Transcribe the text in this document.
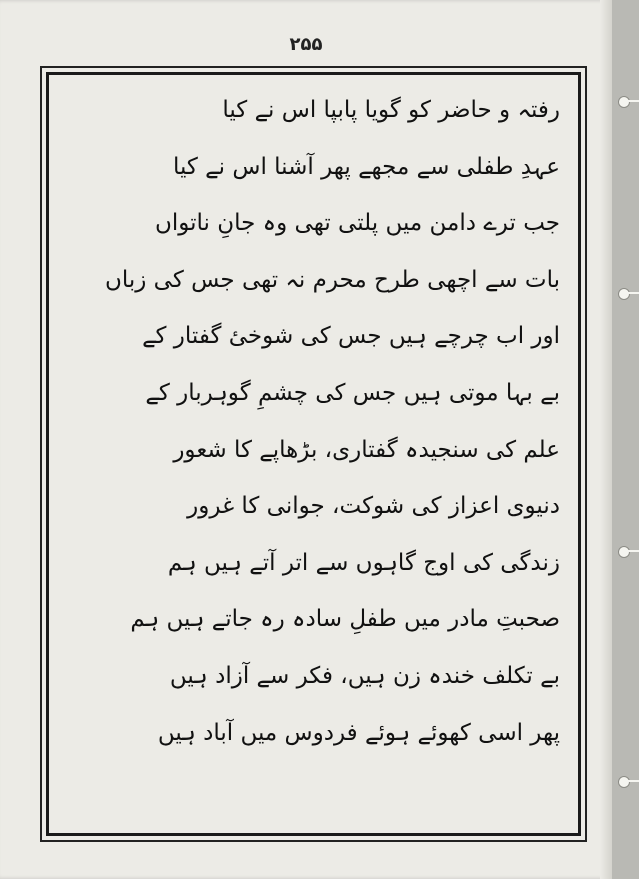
۲۵۵
رفتہ و حاضر کو گویا پابپا اس نے کیا
عہدِ طفلی سے مجھے پھر آشنا اس نے کیا
جب ترے دامن میں پلتی تھی وہ جانِ ناتواں
بات سے اچھی طرح محرم نہ تھی جس کی زباں
اور اب چرچے ہیں جس کی شوخیٔ گفتار کے
بے بہا موتی ہیں جس کی چشمِ گوہربار کے
علم کی سنجیدہ گفتاری، بڑھاپے کا شعور
دنیوی اعزاز کی شوکت، جوانی کا غرور
زندگی کی اوج گاہوں سے اتر آتے ہیں ہم
صحبتِ مادر میں طفلِ سادہ رہ جاتے ہیں ہم
بے تکلف خندہ زن ہیں، فکر سے آزاد ہیں
پھر اسی کھوئے ہوئے فردوس میں آباد ہیں
